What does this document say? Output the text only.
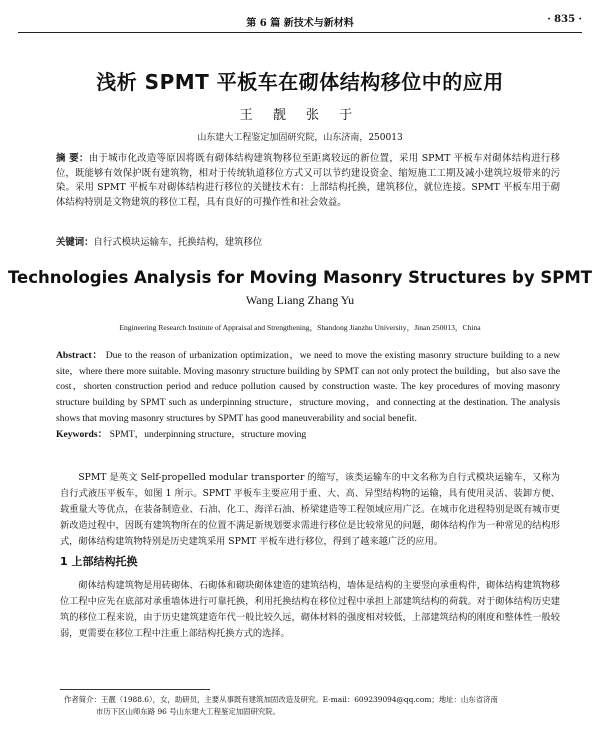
第 6 篇 新技术与新材料	· 835 ·
浅析 SPMT 平板车在砌体结构移位中的应用
王 靓 张 于
山东建大工程鉴定加固研究院，山东济南，250013
摘 要：由于城市化改造等原因将既有砌体结构建筑物移位至距离较远的新位置，采用 SPMT 平板车对砌体结构进行移位，既能够有效保护既有建筑物，相对于传统轨道移位方式又可以节约建设资金、缩短施工工期及减小建筑垃圾带来的污染。采用 SPMT 平板车对砌体结构进行移位的关键技术有：上部结构托换，建筑移位，就位连接。SPMT 平板车用于砌体结构特别是文物建筑的移位工程，具有良好的可操作性和社会效益。
关键词：自行式模块运输车，托换结构，建筑移位
Technologies Analysis for Moving Masonry Structures by SPMT
Wang Liang Zhang Yu
Engineering Research Institute of Appraisal and Strengthening，Shandong Jianzhu University，Jinan 250013，China
Abstract： Due to the reason of urbanization optimization，we need to move the existing masonry structure building to a new site，where there more suitable. Moving masonry structure building by SPMT can not only protect the building，but also save the cost，shorten construction period and reduce pollution caused by construction waste. The key procedures of moving masonry structure building by SPMT such as underpinning structure，structure moving，and connecting at the destination. The analysis shows that moving masonry structures by SPMT has good maneuverability and social benefit.
Keywords： SPMT，underpinning structure，structure moving
SPMT 是英文 Self-propelled modular transporter 的缩写，该类运输车的中文名称为自行式模块运输车，又称为自行式液压平板车，如图 1 所示。SPMT 平板车主要应用于重、大、高、异型结构物的运输，具有使用灵活、装卸方便、载重量大等优点，在装备制造业、石油、化工、海洋石油、桥梁建造等工程领域应用广泛。在城市化进程特别是既有城市更新改造过程中，因既有建筑物所在的位置不满足新规划要求需进行移位是比较常见的问题，砌体结构作为一种常见的结构形式，砌体结构建筑物特别是历史建筑采用 SPMT 平板车进行移位，得到了越来越广泛的应用。
1 上部结构托换
砌体结构建筑物是用砖砌体、石砌体和砌块砌体建造的建筑结构，墙体是结构的主要竖向承重构件，砌体结构建筑物移位工程中应先在底部对承重墙体进行可靠托换，利用托换结构在移位过程中承担上部建筑结构的荷载。对于砌体结构历史建筑的移位工程来说，由于历史建筑建造年代一般比较久远，砌体材料的强度相对较低，上部建筑结构的刚度和整体性一般较弱，更需要在移位工程中注重上部结构托换方式的选择。
作者简介：王靓（1988.6），女，助研员，主要从事既有建筑加固改造及研究。E-mail：609239094@qq.com；地址：山东省济南
市历下区山师东路 96 号山东建大工程鉴定加固研究院。
